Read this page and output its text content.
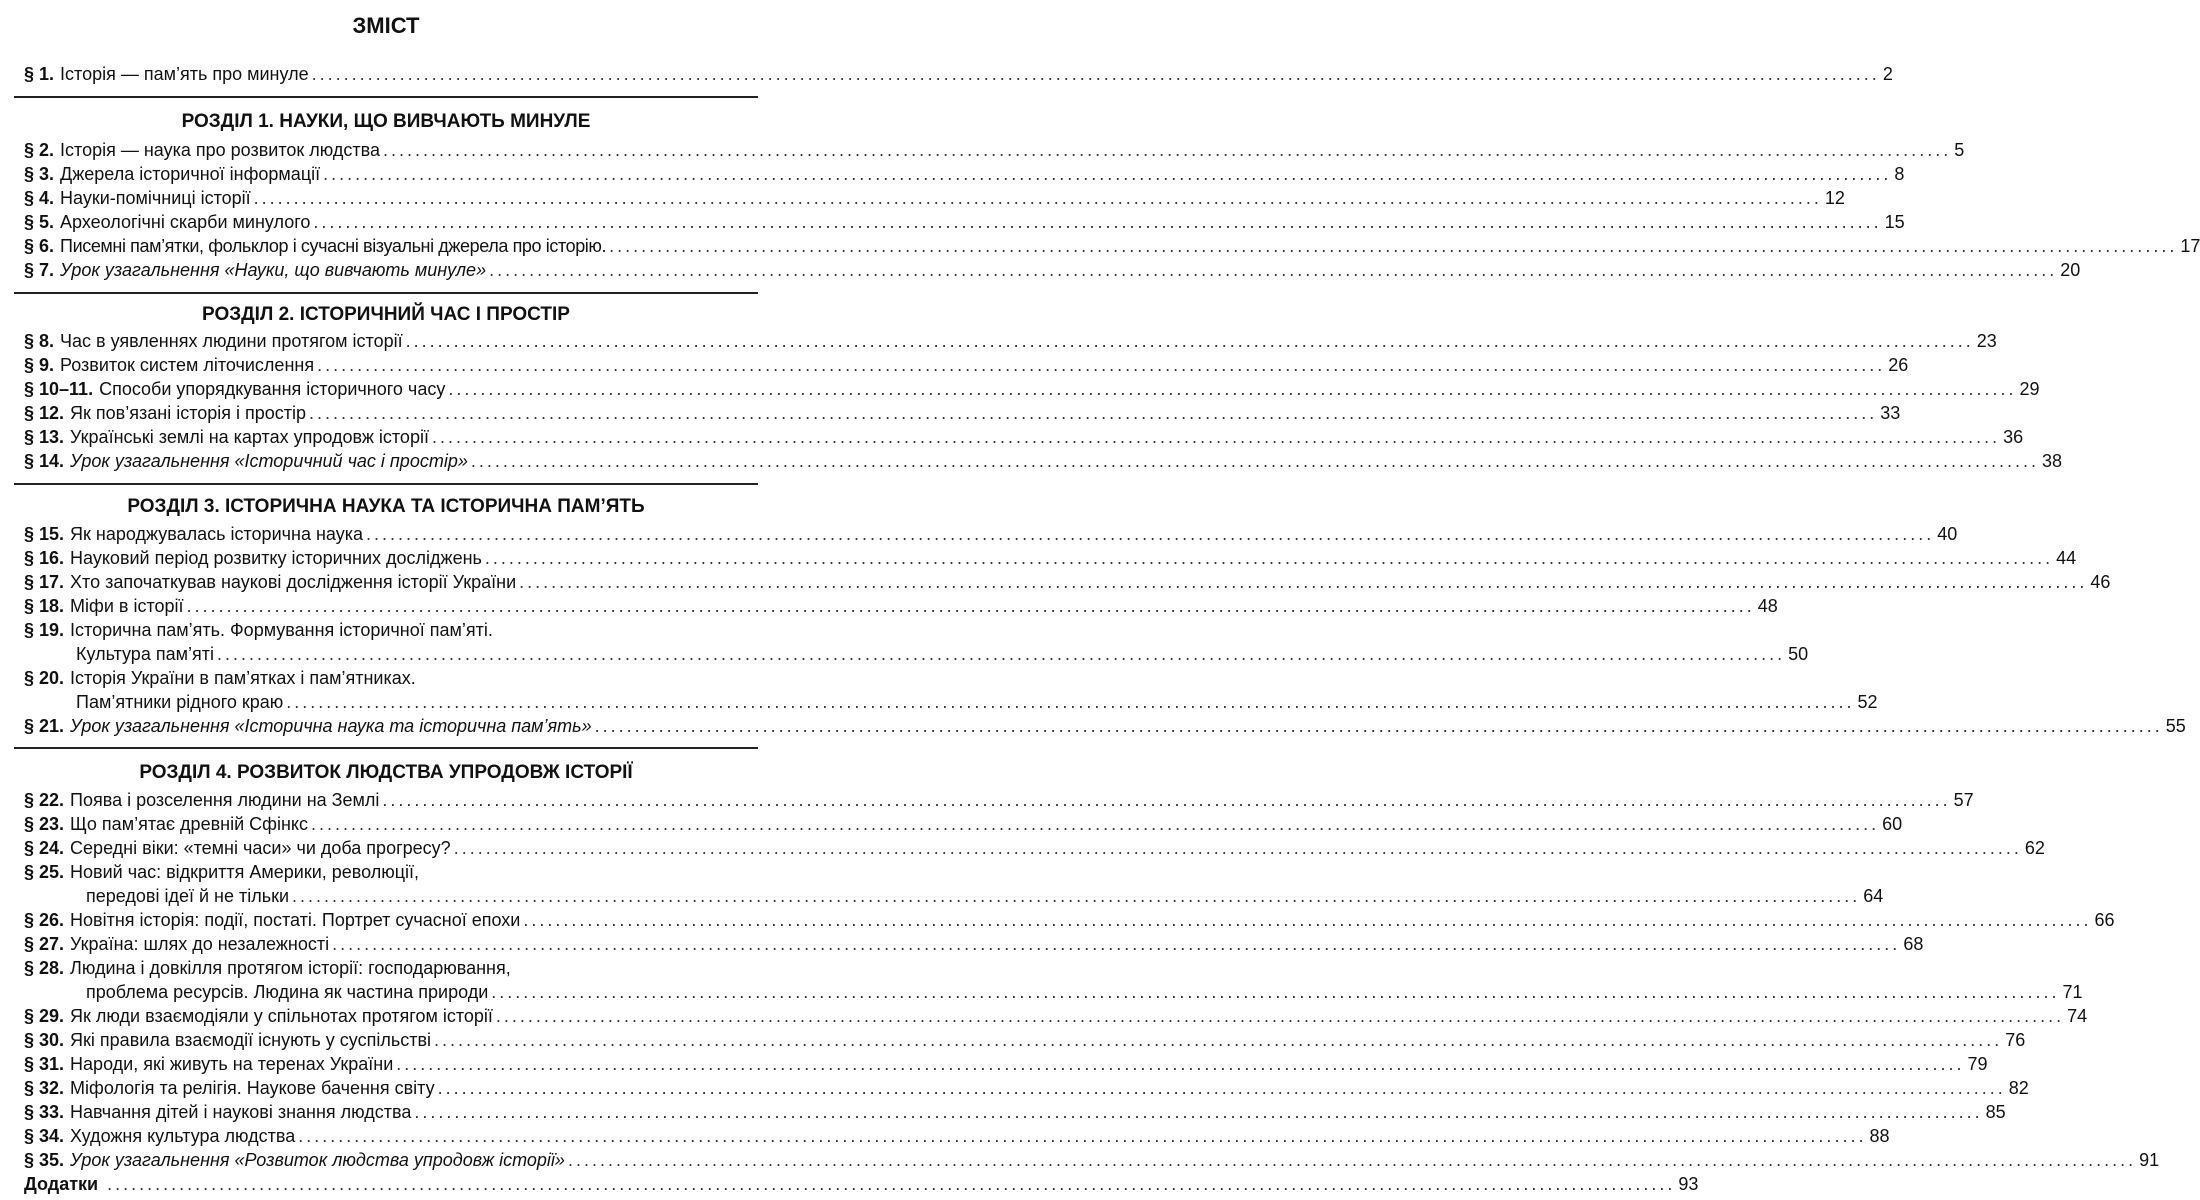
ЗМІСТ
§ 1. Історія — пам’ять про минуле .....	2
РОЗДІЛ 1. НАУКИ, ЩО ВИВЧАЮТЬ МИНУЛЕ
§ 2. Історія — наука про розвиток людства .....	5
§ 3. Джерела історичної інформації .....	8
§ 4. Науки-помічниці історії .....	12
§ 5. Археологічні скарби минулого .....	15
§ 6. Писемні пам’ятки, фольклор і сучасні візуальні джерела про історію. .....	17
§ 7. Урок узагальнення «Науки, що вивчають минуле» .....	20
РОЗДІЛ 2. ІСТОРИЧНИЙ ЧАС І ПРОСТІР
§ 8. Час в уявленнях людини протягом історії .....	23
§ 9. Розвиток систем літочислення .....	26
§ 10–11. Способи упорядкування історичного часу .....	29
§ 12. Як пов’язані історія і простір .....	33
§ 13. Українські землі на картах упродовж історії .....	36
§ 14. Урок узагальнення «Історичний час і простір» .....	38
РОЗДІЛ 3. ІСТОРИЧНА НАУКА ТА ІСТОРИЧНА ПАМ’ЯТЬ
§ 15. Як народжувалась історична наука .....	40
§ 16. Науковий період розвитку історичних досліджень .....	44
§ 17. Хто започаткував наукові дослідження історії України .....	46
§ 18. Міфи в історії .....	48
§ 19. Історична пам’ять. Формування історичної пам’яті.
Культура пам’яті .....	50
§ 20. Історія України в пам’ятках і пам’ятниках.
Пам’ятники рідного краю .....	52
§ 21. Урок узагальнення «Історична наука та історична пам’ять» .....	55
РОЗДІЛ 4. РОЗВИТОК ЛЮДСТВА УПРОДОВЖ ІСТОРІЇ
§ 22. Поява і розселення людини на Землі .....	57
§ 23. Що пам’ятає древній Сфінкс .....	60
§ 24. Середні віки: «темні часи» чи доба прогресу? .....	62
§ 25. Новий час: відкриття Америки, революції,
передові ідеї й не тільки .....	64
§ 26. Новітня історія: події, постаті. Портрет сучасної епохи .....	66
§ 27. Україна: шлях до незалежності .....	68
§ 28. Людина і довкілля протягом історії: господарювання,
проблема ресурсів. Людина як частина природи .....	71
§ 29. Як люди взаємодіяли у спільнотах протягом історії .....	74
§ 30. Які правила взаємодії існують у суспільстві .....	76
§ 31. Народи, які живуть на теренах України .....	79
§ 32. Міфологія та релігія. Наукове бачення світу .....	82
§ 33. Навчання дітей і наукові знання людства .....	85
§ 34. Художня культура людства .....	88
§ 35. Урок узагальнення «Розвиток людства упродовж історії» .....	91
Додатки .....	93
